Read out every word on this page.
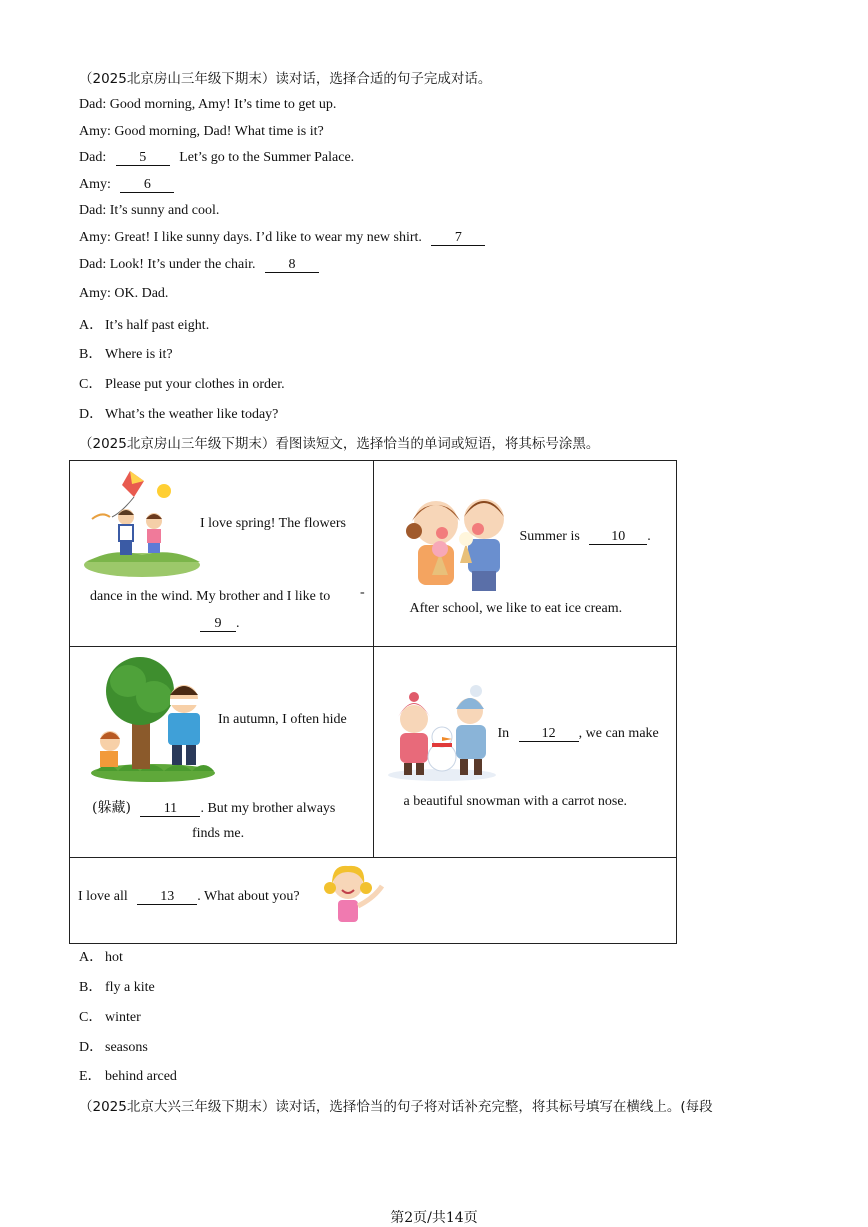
（2025北京房山三年级下期末）读对话，选择合适的句子完成对话。
Dad: Good morning, Amy! It’s time to get up.
Amy: Good morning, Dad! What time is it?
Dad: 5 Let’s go to the Summer Palace.
Amy: 6
Dad: It’s sunny and cool.
Amy: Great! I like sunny days. I’d like to wear my new shirt. 7
Dad: Look! It’s under the chair. 8
Amy: OK. Dad.
A． It’s half past eight.
B． Where is it?
C． Please put your clothes in order.
D． What’s the weather like today?
（2025北京房山三年级下期末）看图读短文，选择恰当的单词或短语，将其标号涂黑。
I love spring! The flowers
dance in the wind. My brother and I like to -
9 .	Summer is 10 .
After school, we like to eat ice cream.

In autumn, I often hide
(躲藏) 11 . But my brother always
finds me.	In 12 , we can make
a beautiful snowman with a carrot nose.

I love all 13 . What about you?	
A． hot
B． fly a kite
C． winter
D． seasons
E． behind arced
（2025北京大兴三年级下期末）读对话，选择恰当的句子将对话补充完整，将其标号填写在横线上。(每段
第2页/共14页
